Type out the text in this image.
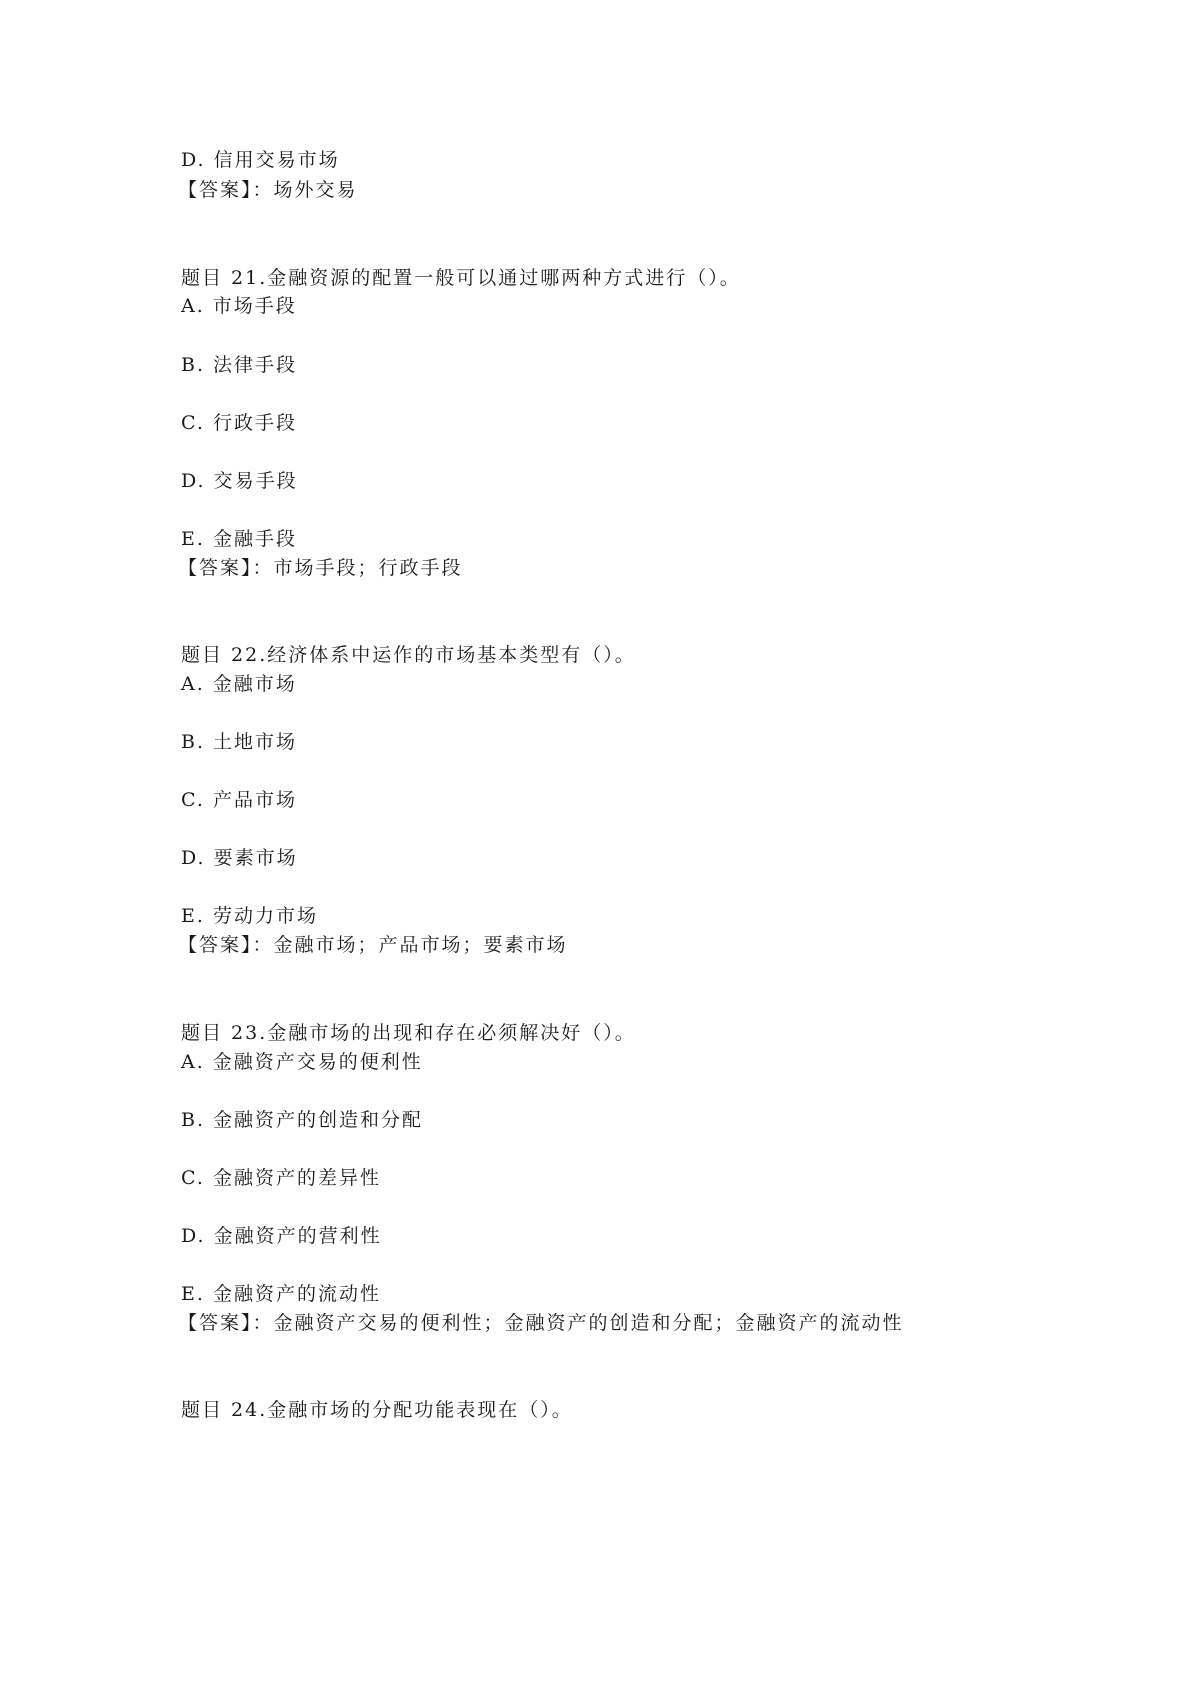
D. 信用交易市场
【答案】：场外交易
题目 21.金融资源的配置一般可以通过哪两种方式进行（）。
A. 市场手段
B. 法律手段
C. 行政手段
D. 交易手段
E. 金融手段
【答案】：市场手段；行政手段
题目 22.经济体系中运作的市场基本类型有（）。
A. 金融市场
B. 土地市场
C. 产品市场
D. 要素市场
E. 劳动力市场
【答案】：金融市场；产品市场；要素市场
题目 23.金融市场的出现和存在必须解决好（）。
A. 金融资产交易的便利性
B. 金融资产的创造和分配
C. 金融资产的差异性
D. 金融资产的营利性
E. 金融资产的流动性
【答案】：金融资产交易的便利性；金融资产的创造和分配；金融资产的流动性
题目 24.金融市场的分配功能表现在（）。
